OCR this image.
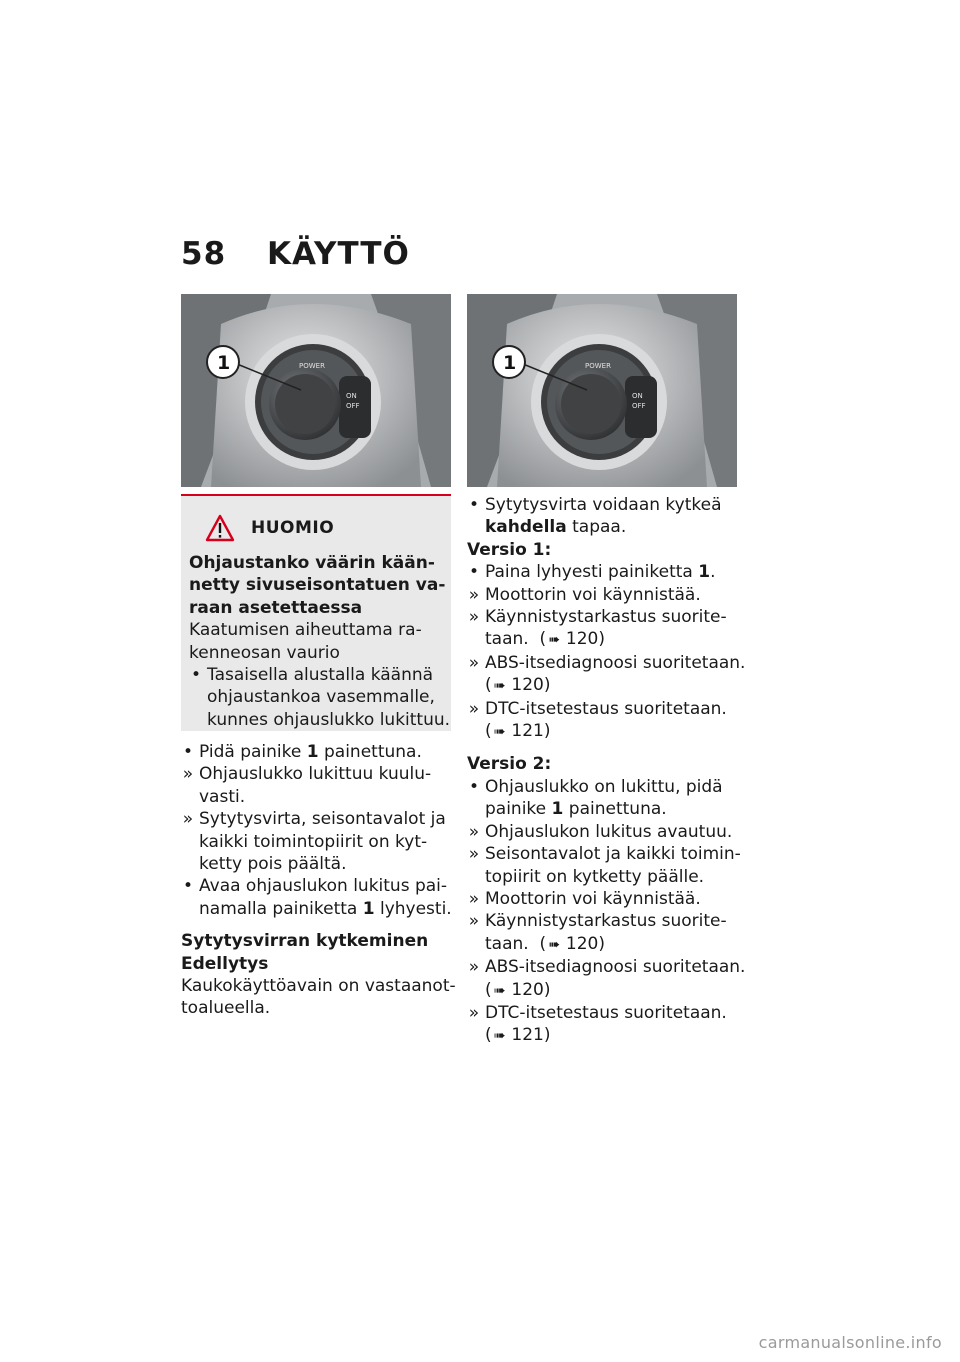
58 KÄYTTÖ
POWER
ON
OFF
1	POWER
ON
OFF
1
HUOMIO
Ohjaustanko väärin kään-
netty sivuseisontatuen va-
raan asetettaessa
Kaatumisen aiheuttama ra-
kenneosan vaurio
• Tasaisella alustalla käännä
ohjaustankoa vasemmalle,
kunnes ohjauslukko lukittuu.
• Pidä painike 1 painettuna.
» Ohjauslukko lukittuu kuulu-
vasti.
» Sytytysvirta, seisontavalot ja
kaikki toimintopiirit on kyt-
ketty pois päältä.
• Avaa ohjauslukon lukitus pai-
namalla painiketta 1 lyhyesti.
Sytytysvirran kytkeminen
Edellytys
Kaukokäyttöavain on vastaanot-
toalueella.
• Sytytysvirta voidaan kytkeä
kahdella tapaa.
Versio 1:
• Paina lyhyesti painiketta 1.
» Moottorin voi käynnistää.
» Käynnistystarkastus suorite-
taan. ( ➠ 120)
» ABS-itsediagnoosi suoritetaan.
( ➠ 120)
» DTC-itsetestaus suoritetaan.
( ➠ 121)
Versio 2:
• Ohjauslukko on lukittu, pidä
painike 1 painettuna.
» Ohjauslukon lukitus avautuu.
» Seisontavalot ja kaikki toimin-
topiirit on kytketty päälle.
» Moottorin voi käynnistää.
» Käynnistystarkastus suorite-
taan. ( ➠ 120)
» ABS-itsediagnoosi suoritetaan.
( ➠ 120)
» DTC-itsetestaus suoritetaan.
( ➠ 121)
carmanualsonline.info
